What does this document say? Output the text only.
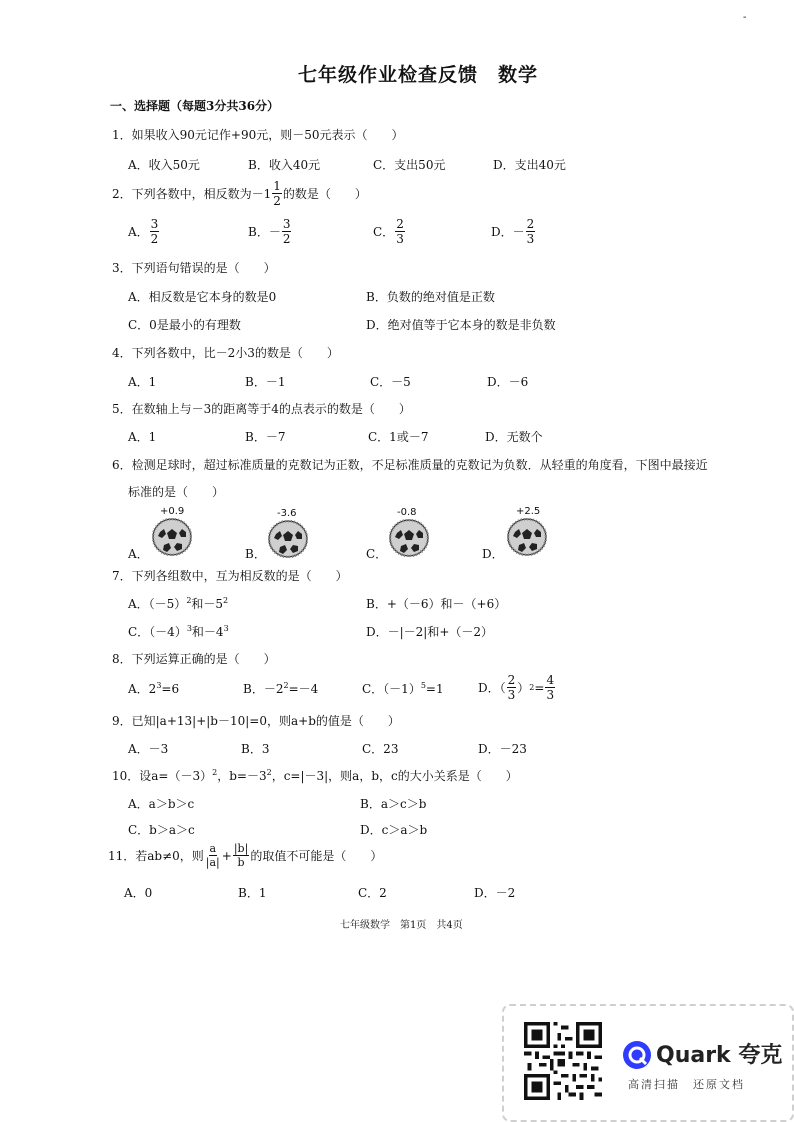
七年级作业检查反馈　数学
-
一、选择题（每题3分共36分）
1．如果收入90元记作+90元，则－50元表示（　　）
A．收入50元	B．收入40元	C．支出50元	D．支出40元
2．下列各数中，相反数为$-1 \frac{1}{2}$ 的数是（　　）
A． $\frac{3}{2}$	B．－ $\frac{3}{2}$	C． $\frac{2}{3}$	D．－ $\frac{2}{3}$
3．下列语句错误的是（　　）
A．相反数是它本身的数是0	B．负数的绝对值是正数
C．0是最小的有理数	D．绝对值等于它本身的数是非负数
4．下列各数中，比－2小3的数是（　　）
A．1	B．－1	C．－5	D．－6
5．在数轴上与－3的距离等于4的点表示的数是（　　）
A．1	B．－7	C．1或－7	D．无数个
6．检测足球时，超过标准质量的克数记为正数，不足标准质量的克数记为负数．从轻重的角度看，下图中最接近
标准的是（　　）
A．
+0.9
B．
-3.6
C．
-0.8
D．
+2.5
7．下列各组数中，互为相反数的是（　　）
A．$(-5)^2$和$-5^2$	B．+（－6）和－（+6）
C．$(-4)^3$和$-4^3$	D．－|－2|和+（－2）
8．下列运算正确的是（　　）
A．$2^3=6$	B．$-2^2=-4$	C．$(-1)^5=1$	D．（ $\frac{2}{3}$ ） $2 = \frac{4}{3}$
9．已知|a+13|+|b－10|=0，则a+b的值是（　　）
A．－3	B．3	C．23	D．－23
10．设$a=(-3)^2$，$b=-3^2$，c=|－3|，则a，b，c的大小关系是（　　）
A．a＞b＞c	B．a＞c＞b
C．b＞a＞c	D．c＞a＞b
11．若ab≠0，则 $\frac{a}{|a|} + \frac{|b|}{b}$ 的取值不可能是（　　）
A．0	B．1	C．2	D．－2
七年级数学　第1页　共4页
Quark 夸克
高清扫描　还原文档
